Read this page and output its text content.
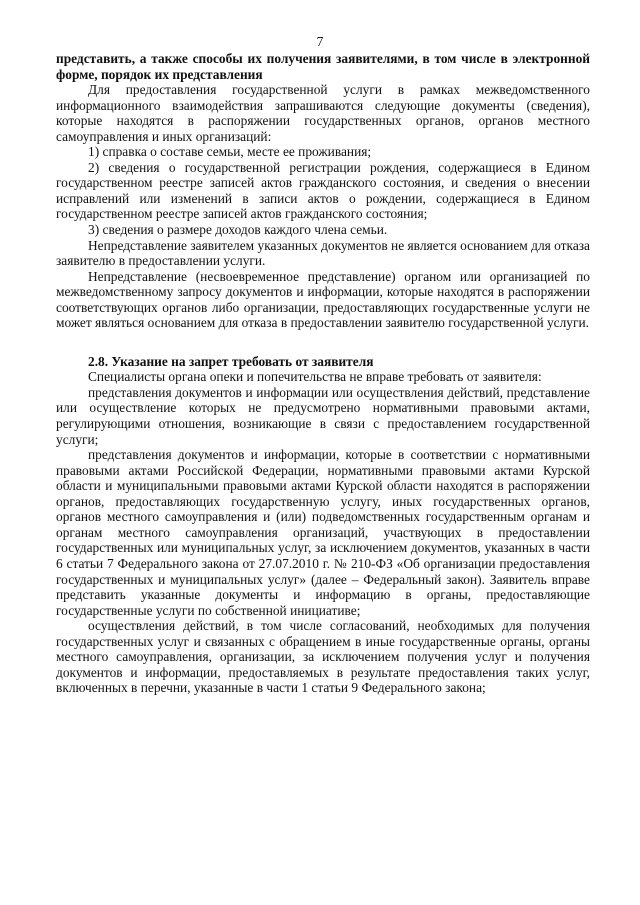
7

представить, а также способы их получения заявителями, в том числе в электронной форме, порядок их представления

Для предоставления государственной услуги в рамках межведомственного информационного взаимодействия запрашиваются следующие документы (сведения), которые находятся в распоряжении государственных органов, органов местного самоуправления и иных организаций:

1) справка о составе семьи, месте ее проживания;

2) сведения о государственной регистрации рождения, содержащиеся в Едином государственном реестре записей актов гражданского состояния, и сведения о внесении исправлений или изменений в записи актов о рождении, содержащиеся в Едином государственном реестре записей актов гражданского состояния;

3) сведения о размере доходов каждого члена семьи.

Непредставление заявителем указанных документов не является основанием для отказа заявителю в предоставлении услуги.

Непредставление (несвоевременное представление) органом или организацией по межведомственному запросу документов и информации, которые находятся в распоряжении соответствующих органов либо организации, предоставляющих государственные услуги не может являться основанием для отказа в предоставлении заявителю государственной услуги.

2.8. Указание на запрет требовать от заявителя

Специалисты органа опеки и попечительства не вправе требовать от заявителя:

представления документов и информации или осуществления действий, представление или осуществление которых не предусмотрено нормативными правовыми актами, регулирующими отношения, возникающие в связи с предоставлением государственной услуги;

представления документов и информации, которые в соответствии с нормативными правовыми актами Российской Федерации, нормативными правовыми актами Курской области и муниципальными правовыми актами Курской области находятся в распоряжении органов, предоставляющих государственную услугу, иных государственных органов, органов местного самоуправления и (или) подведомственных государственным органам и органам местного самоуправления организаций, участвующих в предоставлении государственных или муниципальных услуг, за исключением документов, указанных в части 6 статьи 7 Федерального закона от 27.07.2010 г. № 210-ФЗ «Об организации предоставления государственных и муниципальных услуг» (далее – Федеральный закон). Заявитель вправе представить указанные документы и информацию в органы, предоставляющие государственные услуги по собственной инициативе;

осуществления действий, в том числе согласований, необходимых для получения государственных услуг и связанных с обращением в иные государственные органы, органы местного самоуправления, организации, за исключением получения услуг и получения документов и информации, предоставляемых в результате предоставления таких услуг, включенных в перечни, указанные в части 1 статьи 9 Федерального закона;
